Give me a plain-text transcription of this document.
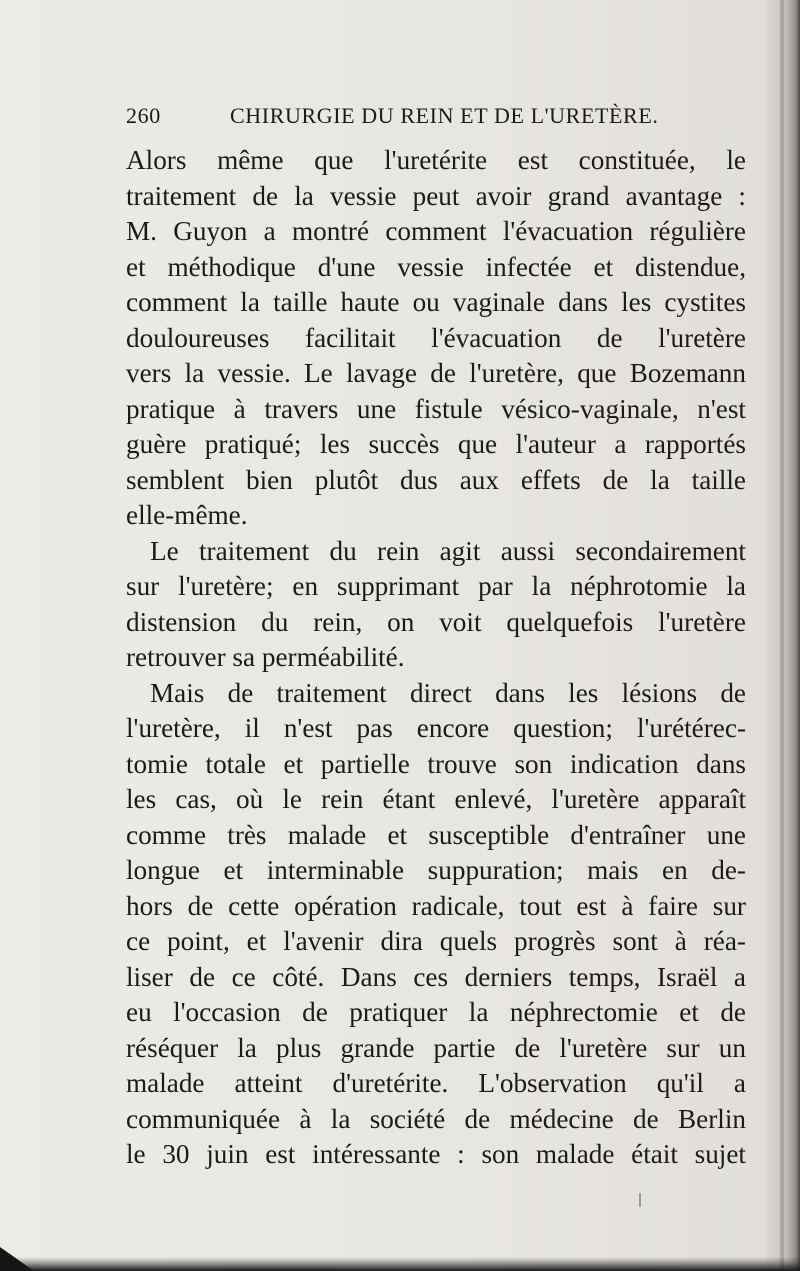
260	CHIRURGIE DU REIN ET DE L'URETÈRE.
Alors même que l'uretérite est constituée, le
traitement de la vessie peut avoir grand avantage :
M. Guyon a montré comment l'évacuation régulière
et méthodique d'une vessie infectée et distendue,
comment la taille haute ou vaginale dans les cystites
douloureuses facilitait l'évacuation de l'uretère
vers la vessie. Le lavage de l'uretère, que Bozemann
pratique à travers une fistule vésico-vaginale, n'est
guère pratiqué; les succès que l'auteur a rapportés
semblent bien plutôt dus aux effets de la taille
elle-même.
Le traitement du rein agit aussi secondairement
sur l'uretère; en supprimant par la néphrotomie la
distension du rein, on voit quelquefois l'uretère
retrouver sa perméabilité.
Mais de traitement direct dans les lésions de
l'uretère, il n'est pas encore question; l'urétérec-
tomie totale et partielle trouve son indication dans
les cas, où le rein étant enlevé, l'uretère apparaît
comme très malade et susceptible d'entraîner une
longue et interminable suppuration; mais en de-
hors de cette opération radicale, tout est à faire sur
ce point, et l'avenir dira quels progrès sont à réa-
liser de ce côté. Dans ces derniers temps, Israël a
eu l'occasion de pratiquer la néphrectomie et de
réséquer la plus grande partie de l'uretère sur un
malade atteint d'uretérite. L'observation qu'il a
communiquée à la société de médecine de Berlin
le 30 juin est intéressante : son malade était sujet
